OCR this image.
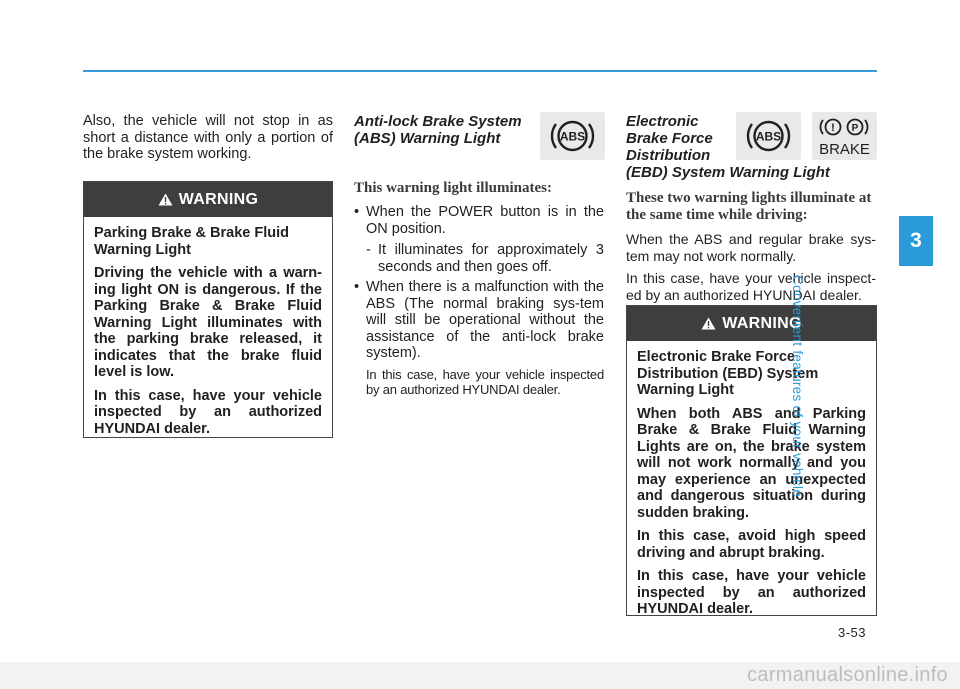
Also, the vehicle will not stop in as short a distance with only a portion of the brake system working.

WARNING

Parking Brake & Brake Fluid Warning Light

Driving the vehicle with a warn-ing light ON is dangerous. If the Parking Brake & Brake Fluid Warning Light illuminates with the parking brake released, it indicates that the brake fluid level is low.

In this case, have your vehicle inspected by an authorized HYUNDAI dealer.

Anti-lock Brake System
(ABS) Warning Light
This warning light illuminates:
• When the POWER button is in the ON position.
- It illuminates for approximately 3 seconds and then goes off.
• When there is a malfunction with the ABS (The normal braking sys-tem will still be operational without the assistance of the anti-lock brake system).
In this case, have your vehicle inspected by an authorized HYUNDAI dealer.
ABS
Electronic
Brake Force
Distribution
(EBD) System Warning Light
These two warning lights illuminate at the same time while driving:

When the ABS and regular brake sys-tem may not work normally.

In this case, have your vehicle inspect-ed by an authorized HYUNDAI dealer.

ABS
! P
BRAKE
WARNING

Electronic Brake Force Distribution (EBD) System Warning Light

When both ABS and Parking Brake & Brake Fluid Warning Lights are on, the brake system will not work normally and you may experience an unexpected and dangerous situation during sudden braking.

In this case, avoid high speed driving and abrupt braking.

In this case, have your vehicle inspected by an authorized HYUNDAI dealer.

3
Convenient features of your vehicle
3-53
carmanualsonline.info
